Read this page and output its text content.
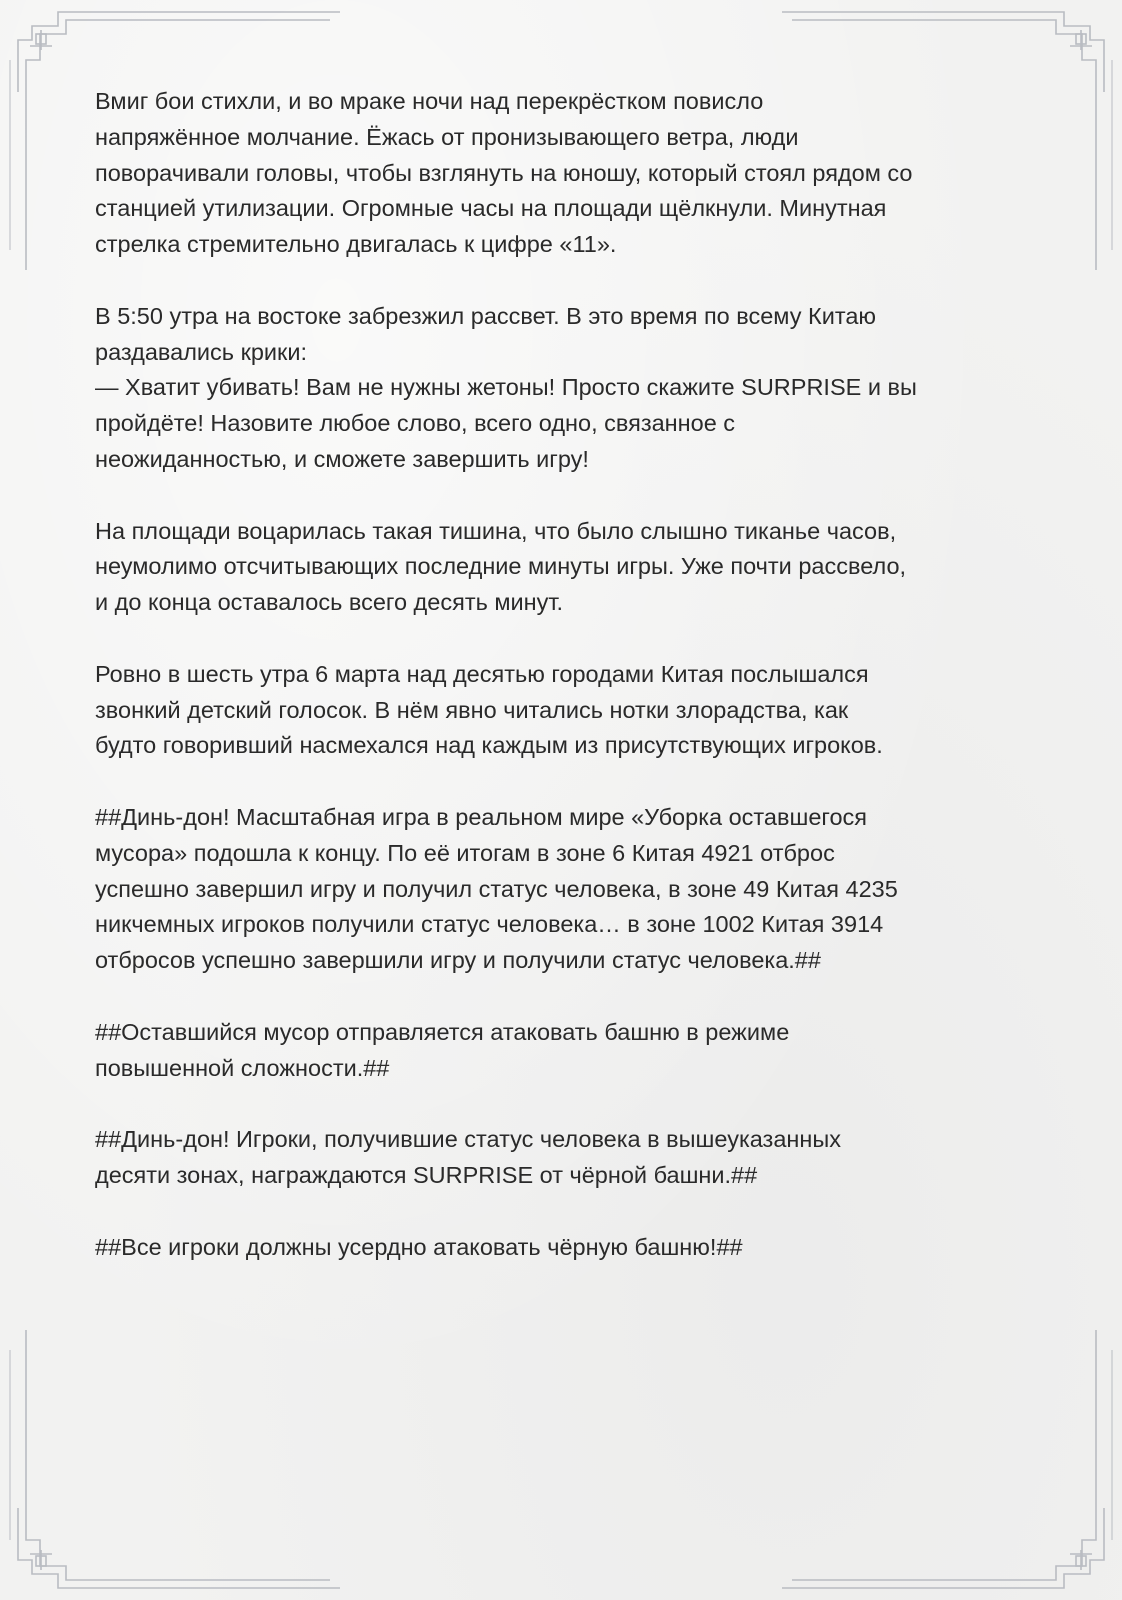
Вмиг бои стихли, и во мраке ночи над перекрёстком повисло
напряжённое молчание. Ёжась от пронизывающего ветра, люди
поворачивали головы, чтобы взглянуть на юношу, который стоял рядом со
станцией утилизации. Огромные часы на площади щёлкнули. Минутная
стрелка стремительно двигалась к цифре «11».

В 5:50 утра на востоке забрезжил рассвет. В это время по всему Китаю
раздавались крики:
— Хватит убивать! Вам не нужны жетоны! Просто скажите SURPRISE и вы
пройдёте! Назовите любое слово, всего одно, связанное с
неожиданностью, и сможете завершить игру!

На площади воцарилась такая тишина, что было слышно тиканье часов,
неумолимо отсчитывающих последние минуты игры. Уже почти рассвело,
и до конца оставалось всего десять минут.

Ровно в шесть утра 6 марта над десятью городами Китая послышался
звонкий детский голосок. В нём явно читались нотки злорадства, как
будто говоривший насмехался над каждым из присутствующих игроков.

##Динь-дон! Масштабная игра в реальном мире «Уборка оставшегося
мусора» подошла к концу. По её итогам в зоне 6 Китая 4921 отброс
успешно завершил игру и получил статус человека, в зоне 49 Китая 4235
никчемных игроков получили статус человека… в зоне 1002 Китая 3914
отбросов успешно завершили игру и получили статус человека.##

##Оставшийся мусор отправляется атаковать башню в режиме
повышенной сложности.##

##Динь-дон! Игроки, получившие статус человека в вышеуказанных
десяти зонах, награждаются SURPRISE от чёрной башни.##

##Все игроки должны усердно атаковать чёрную башню!##
